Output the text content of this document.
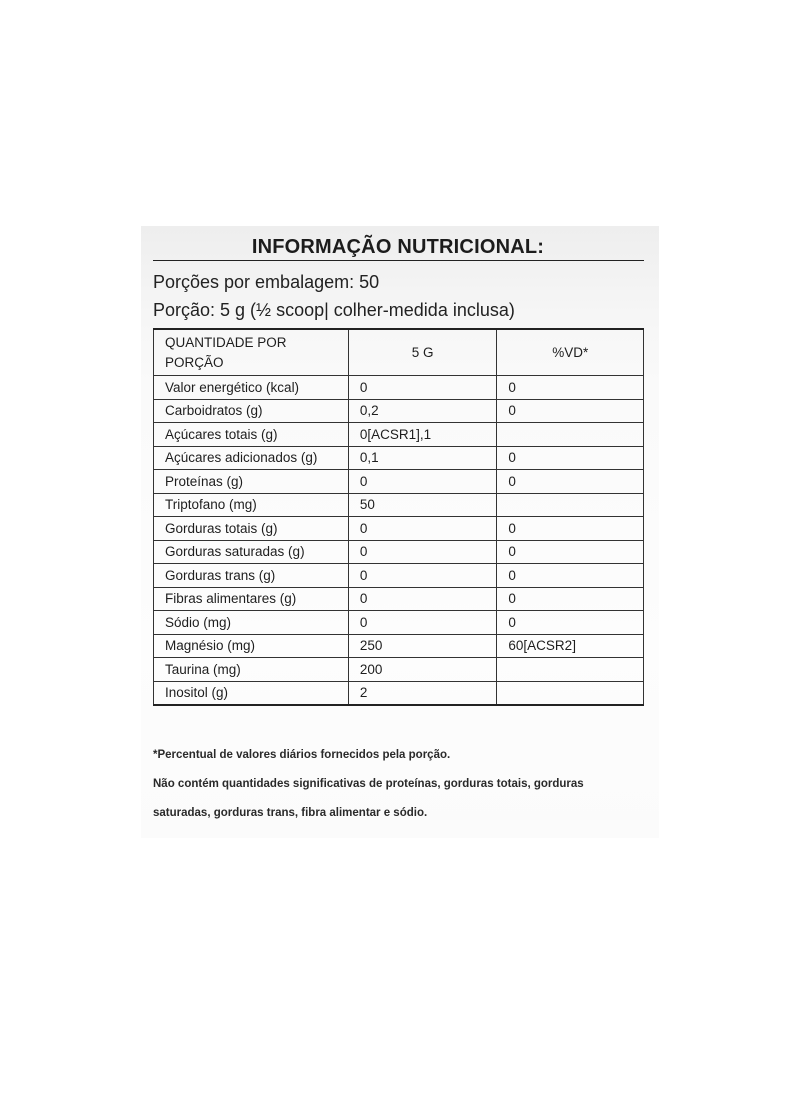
INFORMAÇÃO NUTRICIONAL:
Porções por embalagem: 50
Porção: 5 g (½ scoop| colher-medida inclusa)
QUANTIDADE POR PORÇÃO	5 G	%VD*
Valor energético (kcal)	0	0
Carboidratos (g)	0,2	0
Açúcares totais (g)	0[ACSR1],1	
Açúcares adicionados (g)	0,1	0
Proteínas (g)	0	0
Triptofano (mg)	50	
Gorduras totais (g)	0	0
Gorduras saturadas (g)	0	0
Gorduras trans (g)	0	0
Fibras alimentares (g)	0	0
Sódio (mg)	0	0
Magnésio (mg)	250	60[ACSR2]
Taurina (mg)	200	
Inositol (g)	2	
*Percentual de valores diários fornecidos pela porção.
Não contém quantidades significativas de proteínas, gorduras totais, gorduras
saturadas, gorduras trans, fibra alimentar e sódio.
